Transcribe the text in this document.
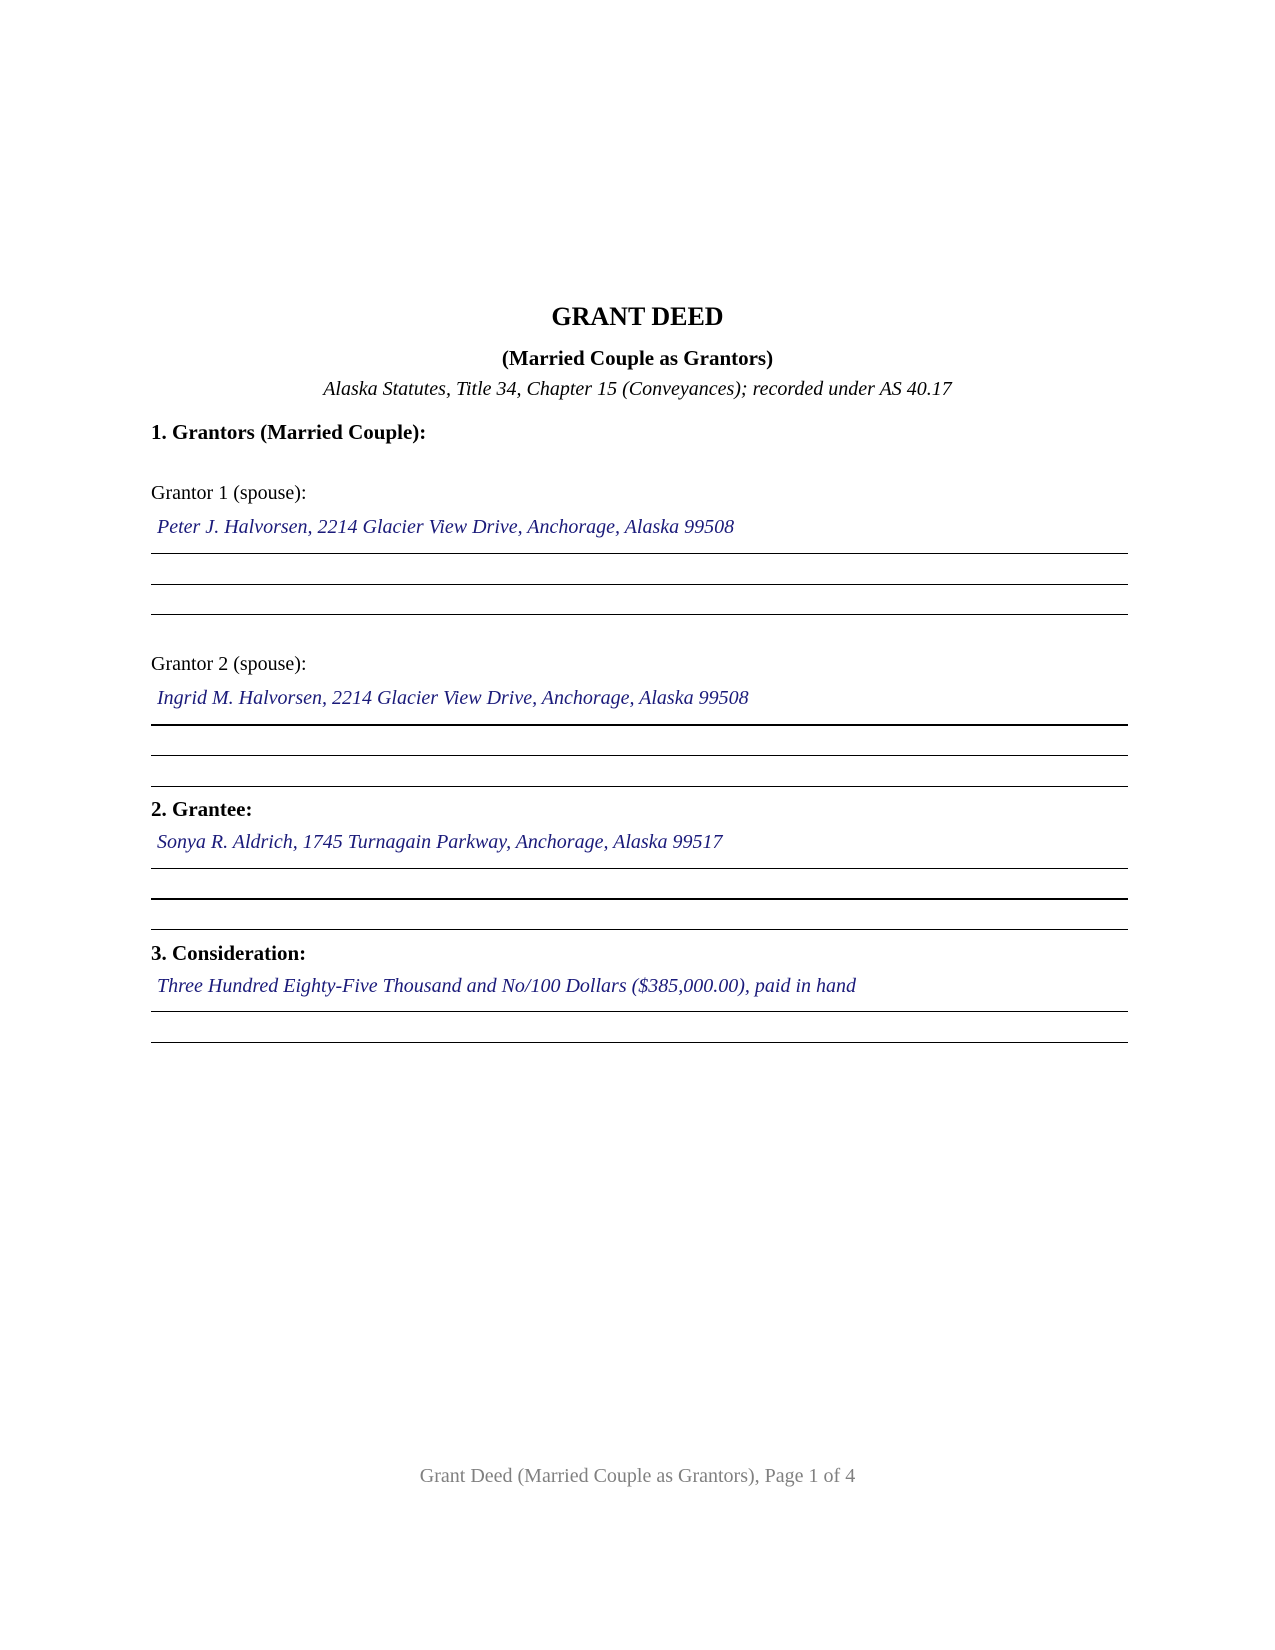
GRANT DEED
(Married Couple as Grantors)
Alaska Statutes, Title 34, Chapter 15 (Conveyances); recorded under AS 40.17
1. Grantors (Married Couple):
Grantor 1 (spouse):
Peter J. Halvorsen, 2214 Glacier View Drive, Anchorage, Alaska 99508
Grantor 2 (spouse):
Ingrid M. Halvorsen, 2214 Glacier View Drive, Anchorage, Alaska 99508
2. Grantee:
Sonya R. Aldrich, 1745 Turnagain Parkway, Anchorage, Alaska 99517
3. Consideration:
Three Hundred Eighty-Five Thousand and No/100 Dollars ($385,000.00), paid in hand
Grant Deed (Married Couple as Grantors), Page 1 of 4
